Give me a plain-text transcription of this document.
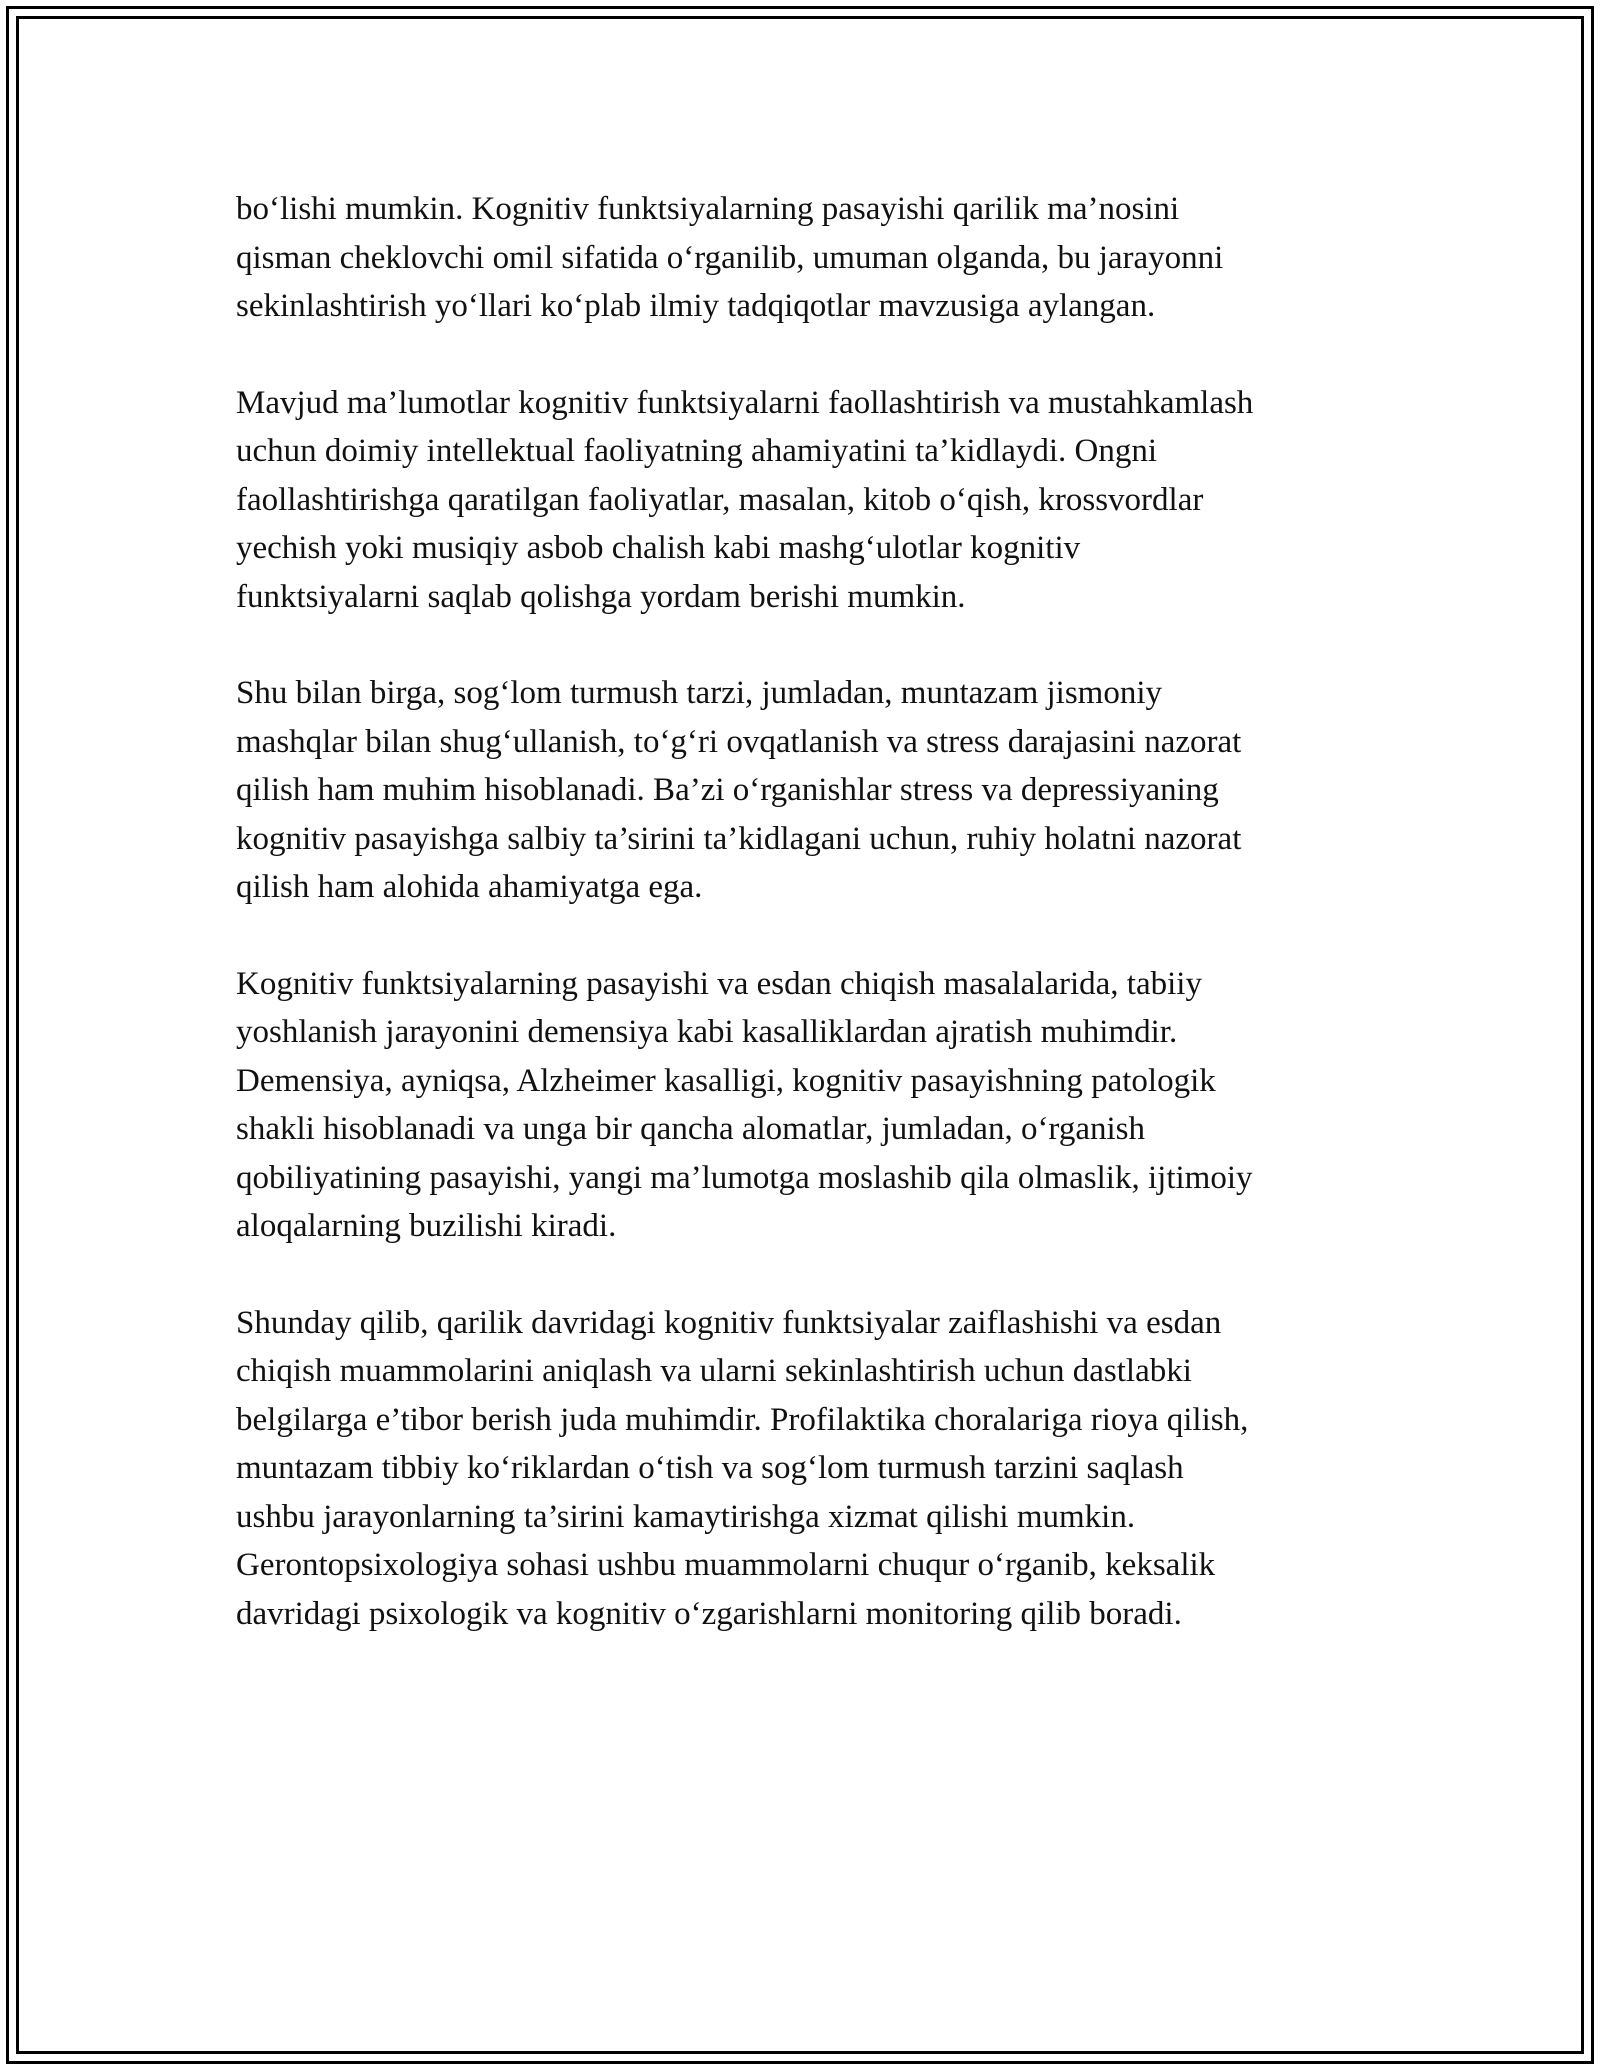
bo‘lishi mumkin. Kognitiv funktsiyalarning pasayishi qarilik ma’nosini
qisman cheklovchi omil sifatida o‘rganilib, umuman olganda, bu jarayonni
sekinlashtirish yo‘llari ko‘plab ilmiy tadqiqotlar mavzusiga aylangan.

Mavjud ma’lumotlar kognitiv funktsiyalarni faollashtirish va mustahkamlash
uchun doimiy intellektual faoliyatning ahamiyatini ta’kidlaydi. Ongni
faollashtirishga qaratilgan faoliyatlar, masalan, kitob o‘qish, krossvordlar
yechish yoki musiqiy asbob chalish kabi mashg‘ulotlar kognitiv
funktsiyalarni saqlab qolishga yordam berishi mumkin.

Shu bilan birga, sog‘lom turmush tarzi, jumladan, muntazam jismoniy
mashqlar bilan shug‘ullanish, to‘g‘ri ovqatlanish va stress darajasini nazorat
qilish ham muhim hisoblanadi. Ba’zi o‘rganishlar stress va depressiyaning
kognitiv pasayishga salbiy ta’sirini ta’kidlagani uchun, ruhiy holatni nazorat
qilish ham alohida ahamiyatga ega.

Kognitiv funktsiyalarning pasayishi va esdan chiqish masalalarida, tabiiy
yoshlanish jarayonini demensiya kabi kasalliklardan ajratish muhimdir.
Demensiya, ayniqsa, Alzheimer kasalligi, kognitiv pasayishning patologik
shakli hisoblanadi va unga bir qancha alomatlar, jumladan, o‘rganish
qobiliyatining pasayishi, yangi ma’lumotga moslashib qila olmaslik, ijtimoiy
aloqalarning buzilishi kiradi.

Shunday qilib, qarilik davridagi kognitiv funktsiyalar zaiflashishi va esdan
chiqish muammolarini aniqlash va ularni sekinlashtirish uchun dastlabki
belgilarga e’tibor berish juda muhimdir. Profilaktika choralariga rioya qilish,
muntazam tibbiy ko‘riklardan o‘tish va sog‘lom turmush tarzini saqlash
ushbu jarayonlarning ta’sirini kamaytirishga xizmat qilishi mumkin.
Gerontopsixologiya sohasi ushbu muammolarni chuqur o‘rganib, keksalik
davridagi psixologik va kognitiv o‘zgarishlarni monitoring qilib boradi.
